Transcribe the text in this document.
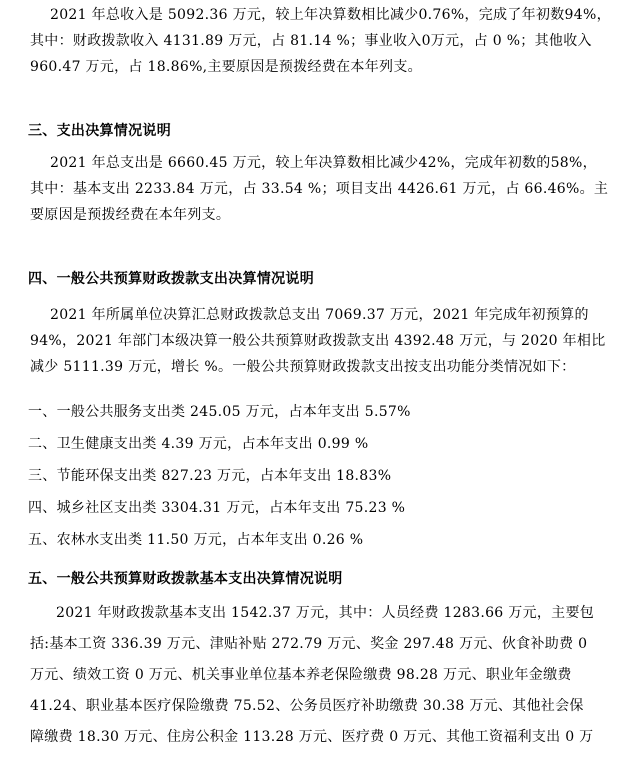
2021 年总收入是 5092.36 万元，较上年决算数相比减少0.76%，完成了年初数94%，
其中：财政拨款收入 4131.89 万元，占 81.14 %；事业收入0万元，占 0 %；其他收入
960.47 万元，占 18.86%,主要原因是预拨经费在本年列支。
三、支出决算情况说明
2021 年总支出是 6660.45 万元，较上年决算数相比减少42%，完成年初数的58%，
其中：基本支出 2233.84 万元，占 33.54 %；项目支出 4426.61 万元，占 66.46%。主
要原因是预拨经费在本年列支。
四、一般公共预算财政拨款支出决算情况说明
2021 年所属单位决算汇总财政拨款总支出 7069.37 万元，2021 年完成年初预算的
94%，2021 年部门本级决算一般公共预算财政拨款支出 4392.48 万元，与 2020 年相比
减少 5111.39 万元，增长 %。一般公共预算财政拨款支出按支出功能分类情况如下：
一、一般公共服务支出类 245.05 万元，占本年支出 5.57%
二、卫生健康支出类 4.39 万元，占本年支出 0.99 %
三、节能环保支出类 827.23 万元，占本年支出 18.83%
四、城乡社区支出类 3304.31 万元，占本年支出 75.23 %
五、农林水支出类 11.50 万元，占本年支出 0.26 %
五、一般公共预算财政拨款基本支出决算情况说明
2021 年财政拨款基本支出 1542.37 万元，其中：人员经费 1283.66 万元，主要包
括:基本工资 336.39 万元、津贴补贴 272.79 万元、奖金 297.48 万元、伙食补助费 0
万元、绩效工资 0 万元、机关事业单位基本养老保险缴费 98.28 万元、职业年金缴费
41.24、职业基本医疗保险缴费 75.52、公务员医疗补助缴费 30.38 万元、其他社会保
障缴费 18.30 万元、住房公积金 113.28 万元、医疗费 0 万元、其他工资福利支出 0 万
